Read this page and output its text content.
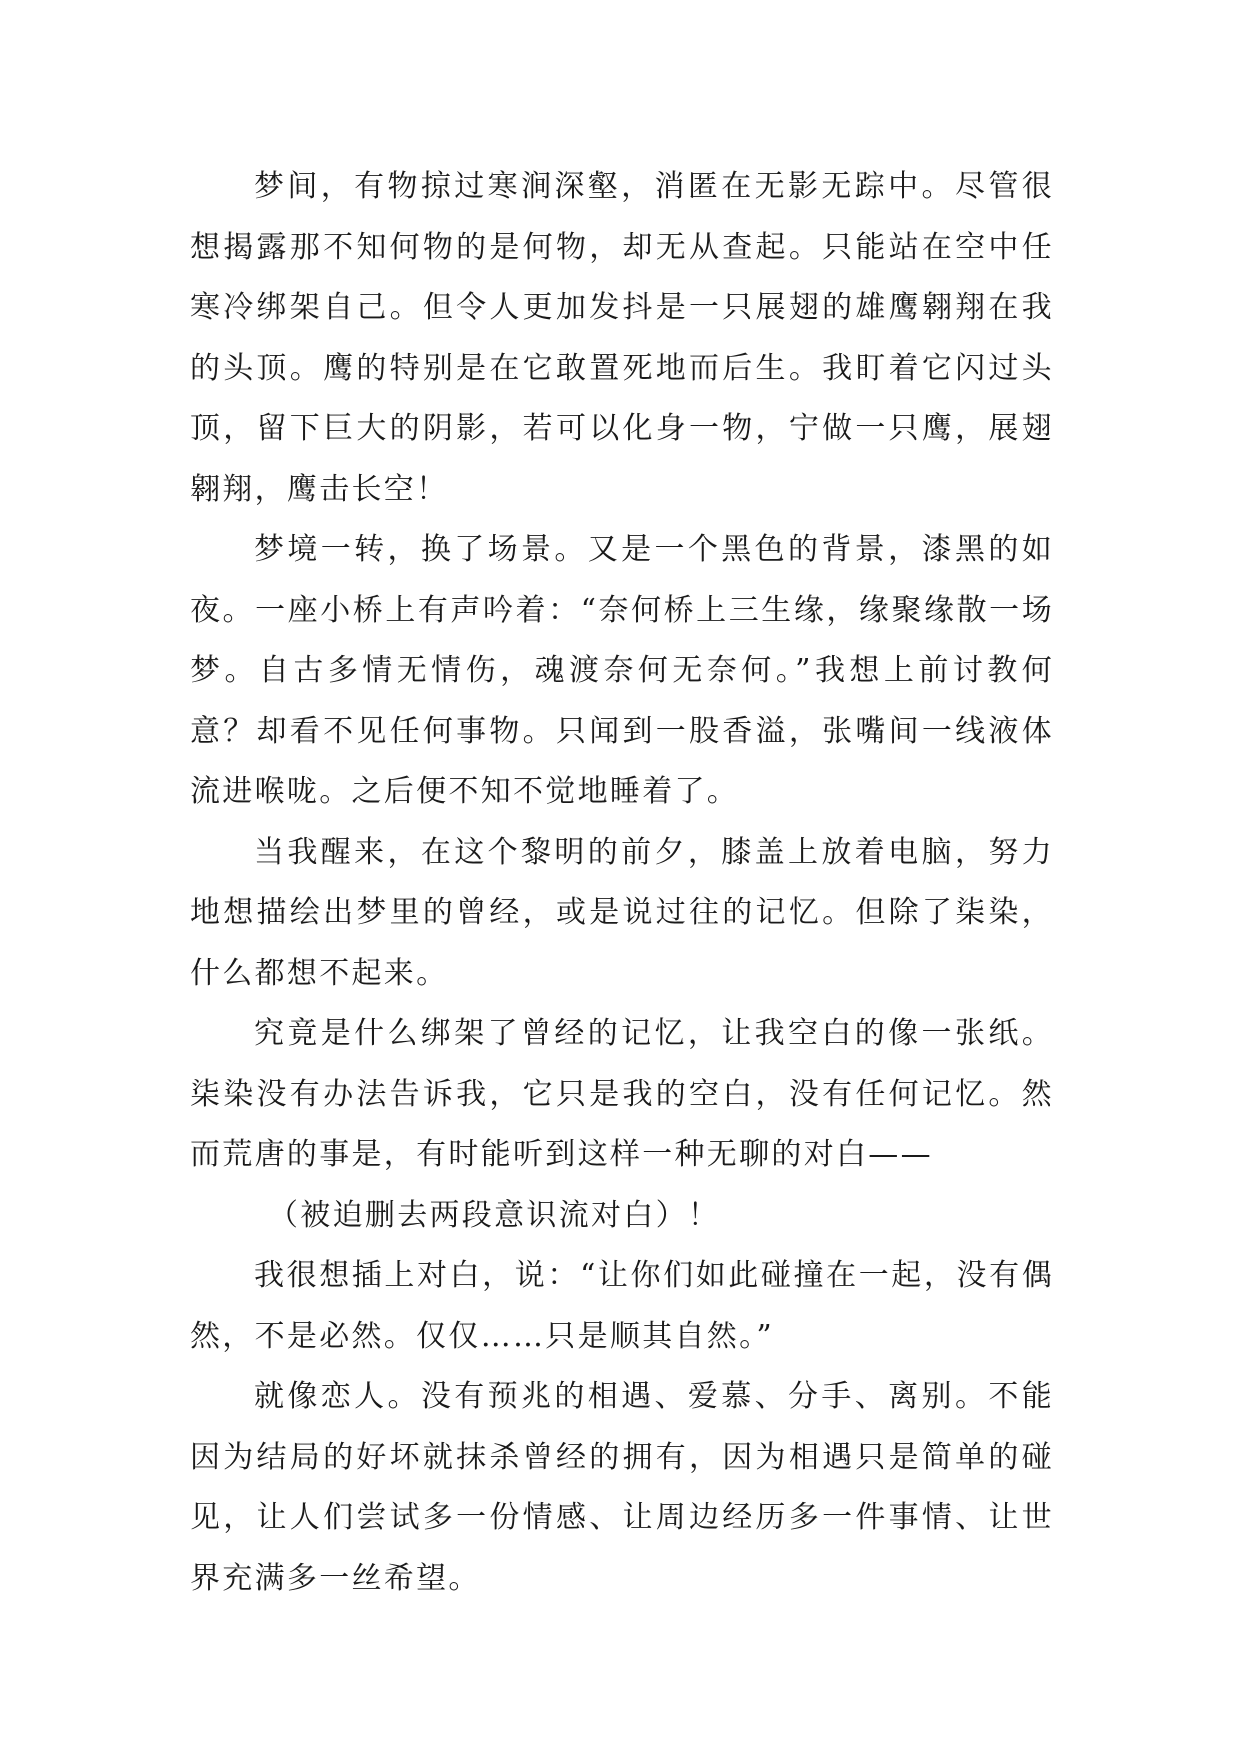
梦间，有物掠过寒涧深壑，消匿在无影无踪中。尽管很想揭露那不知何物的是何物，却无从查起。只能站在空中任寒冷绑架自己。但令人更加发抖是一只展翅的雄鹰翱翔在我的头顶。鹰的特别是在它敢置死地而后生。我盯着它闪过头顶，留下巨大的阴影，若可以化身一物，宁做一只鹰，展翅翱翔，鹰击长空！

梦境一转，换了场景。又是一个黑色的背景，漆黑的如夜。一座小桥上有声吟着：“奈何桥上三生缘，缘聚缘散一场梦。自古多情无情伤，魂渡奈何无奈何。”我想上前讨教何意？却看不见任何事物。只闻到一股香溢，张嘴间一线液体流进喉咙。之后便不知不觉地睡着了。

当我醒来，在这个黎明的前夕，膝盖上放着电脑，努力地想描绘出梦里的曾经，或是说过往的记忆。但除了柒染，什么都想不起来。

究竟是什么绑架了曾经的记忆，让我空白的像一张纸。柒染没有办法告诉我，它只是我的空白，没有任何记忆。然而荒唐的事是，有时能听到这样一种无聊的对白——

（被迫删去两段意识流对白）！

我很想插上对白，说：“让你们如此碰撞在一起，没有偶然，不是必然。仅仅……只是顺其自然。”

就像恋人。没有预兆的相遇、爱慕、分手、离别。不能因为结局的好坏就抹杀曾经的拥有，因为相遇只是简单的碰见，让人们尝试多一份情感、让周边经历多一件事情、让世界充满多一丝希望。
